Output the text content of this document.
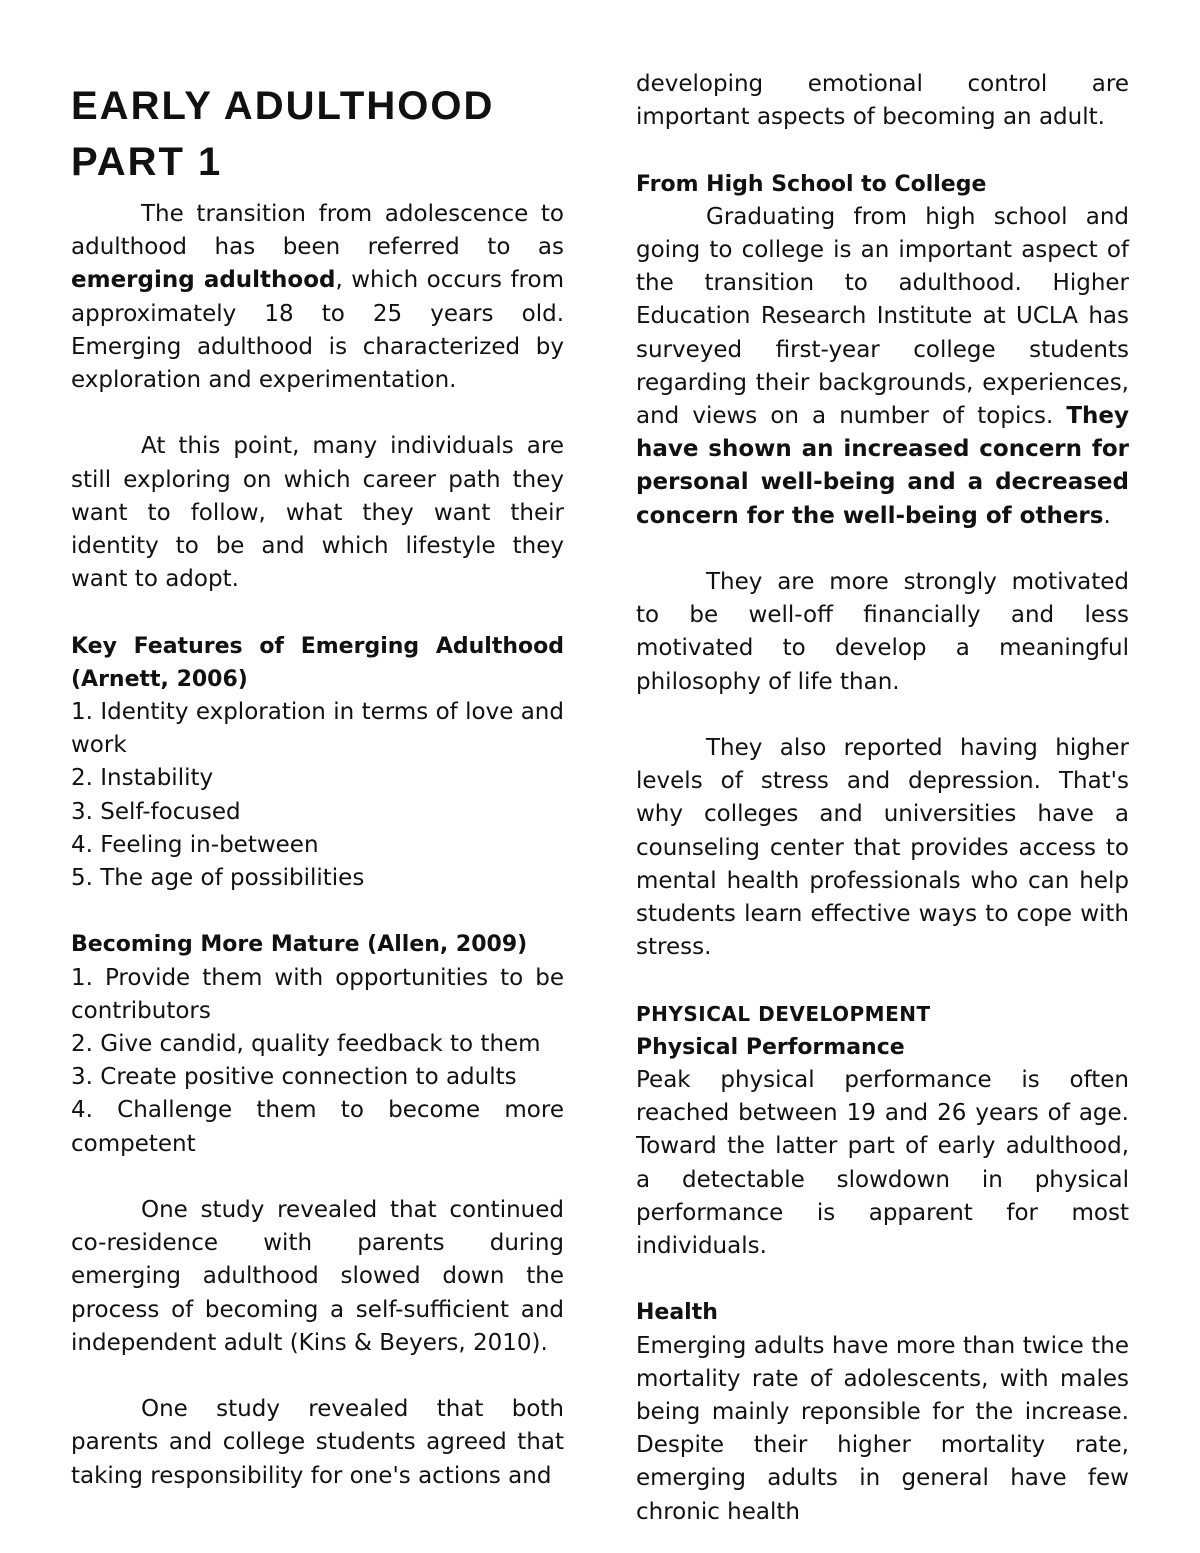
EARLY ADULTHOOD
PART 1

The transition from adolescence to adulthood has been referred to as emerging adulthood, which occurs from approximately 18 to 25 years old. Emerging adulthood is characterized by exploration and experimentation.

At this point, many individuals are still exploring on which career path they want to follow, what they want their identity to be and which lifestyle they want to adopt.

Key Features of Emerging Adulthood (Arnett, 2006)

1. Identity exploration in terms of love and work

2. Instability

3. Self-focused

4. Feeling in-between

5. The age of possibilities

Becoming More Mature (Allen, 2009)

1. Provide them with opportunities to be contributors

2. Give candid, quality feedback to them

3. Create positive connection to adults

4. Challenge them to become more competent

One study revealed that continued co-residence with parents during emerging adulthood slowed down the process of becoming a self-sufficient and independent adult (Kins & Beyers, 2010).

One study revealed that both parents and college students agreed that taking responsibility for one's actions and

developing emotional control are important aspects of becoming an adult.

From High School to College

Graduating from high school and going to college is an important aspect of the transition to adulthood. Higher Education Research Institute at UCLA has surveyed first-year college students regarding their backgrounds, experiences, and views on a number of topics. They have shown an increased concern for personal well-being and a decreased concern for the well-being of others.

They are more strongly motivated to be well-off financially and less motivated to develop a meaningful philosophy of life than.

They also reported having higher levels of stress and depression. That's why colleges and universities have a counseling center that provides access to mental health professionals who can help students learn effective ways to cope with stress.

PHYSICAL DEVELOPMENT

Physical Performance

Peak physical performance is often reached between 19 and 26 years of age. Toward the latter part of early adulthood, a detectable slowdown in physical performance is apparent for most individuals.

Health

Emerging adults have more than twice the mortality rate of adolescents, with males being mainly reponsible for the increase. Despite their higher mortality rate, emerging adults in general have few chronic health
